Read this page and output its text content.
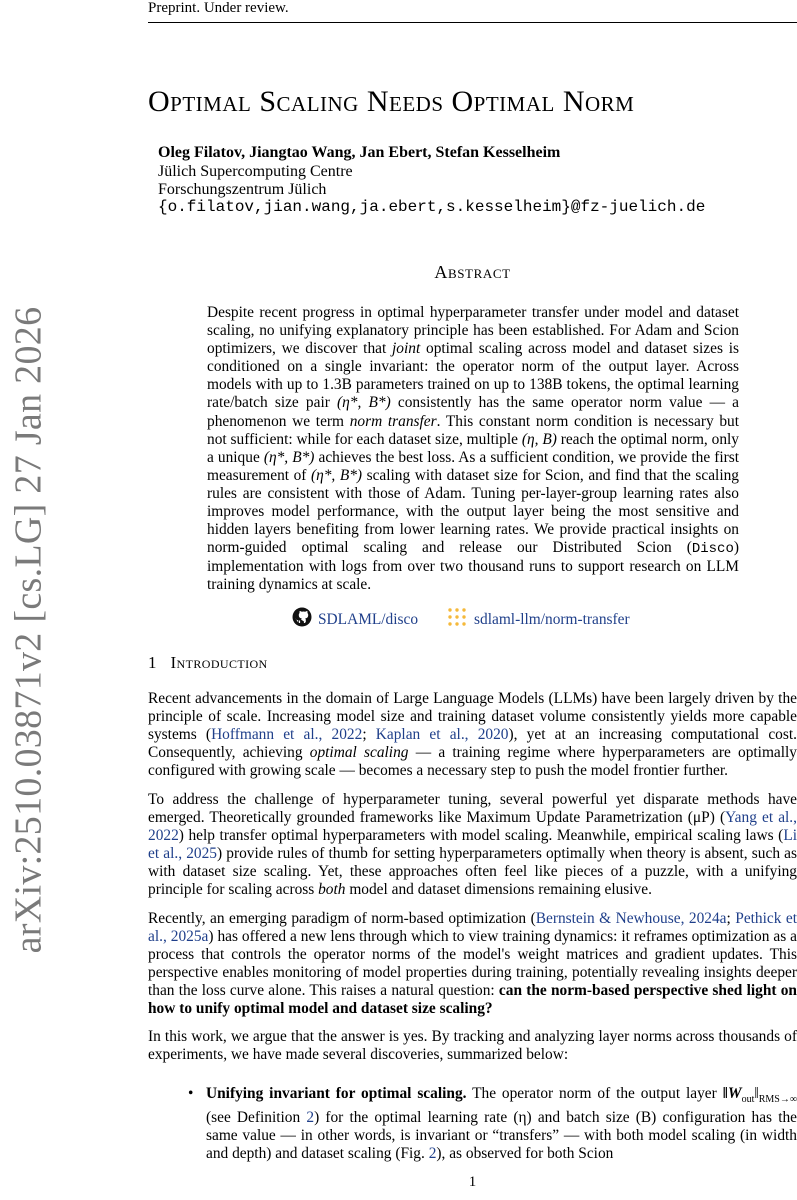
Preprint. Under review.
arXiv:2510.03871v2 [cs.LG] 27 Jan 2026
Optimal Scaling Needs Optimal Norm
Oleg Filatov, Jiangtao Wang, Jan Ebert, Stefan Kesselheim
Jülich Supercomputing Centre
Forschungszentrum Jülich
{o.filatov,jian.wang,ja.ebert,s.kesselheim}@fz-juelich.de
Abstract
Despite recent progress in optimal hyperparameter transfer under model and dataset scaling, no unifying explanatory principle has been established. For Adam and Scion optimizers, we discover that joint optimal scaling across model and dataset sizes is conditioned on a single invariant: the operator norm of the output layer. Across models with up to 1.3B parameters trained on up to 138B tokens, the optimal learning rate/batch size pair (η*, B*) consistently has the same operator norm value — a phenomenon we term norm transfer. This constant norm condition is necessary but not sufficient: while for each dataset size, multiple (η, B) reach the optimal norm, only a unique (η*, B*) achieves the best loss. As a sufficient condition, we provide the first measurement of (η*, B*) scaling with dataset size for Scion, and find that the scaling rules are consistent with those of Adam. Tuning per-layer-group learning rates also improves model performance, with the output layer being the most sensitive and hidden layers benefiting from lower learning rates. We provide practical insights on norm-guided optimal scaling and release our Distributed Scion (Disco) implementation with logs from over two thousand runs to support research on LLM training dynamics at scale.
SDLAML/disco	sdlaml-llm/norm-transfer
1 Introduction
Recent advancements in the domain of Large Language Models (LLMs) have been largely driven by the principle of scale. Increasing model size and training dataset volume consistently yields more capable systems (Hoffmann et al., 2022; Kaplan et al., 2020), yet at an increasing computational cost. Consequently, achieving optimal scaling — a training regime where hyperparameters are optimally configured with growing scale — becomes a necessary step to push the model frontier further.
To address the challenge of hyperparameter tuning, several powerful yet disparate methods have emerged. Theoretically grounded frameworks like Maximum Update Parametrization (μP) (Yang et al., 2022) help transfer optimal hyperparameters with model scaling. Meanwhile, empirical scaling laws (Li et al., 2025) provide rules of thumb for setting hyperparameters optimally when theory is absent, such as with dataset size scaling. Yet, these approaches often feel like pieces of a puzzle, with a unifying principle for scaling across both model and dataset dimensions remaining elusive.
Recently, an emerging paradigm of norm-based optimization (Bernstein & Newhouse, 2024a; Pethick et al., 2025a) has offered a new lens through which to view training dynamics: it reframes optimization as a process that controls the operator norms of the model's weight matrices and gradient updates. This perspective enables monitoring of model properties during training, potentially revealing insights deeper than the loss curve alone. This raises a natural question: can the norm-based perspective shed light on how to unify optimal model and dataset size scaling?
In this work, we argue that the answer is yes. By tracking and analyzing layer norms across thousands of experiments, we have made several discoveries, summarized below:
• Unifying invariant for optimal scaling. The operator norm of the output layer $‖W_{out}‖_{RMS\to\infty}$ (see Definition 2) for the optimal learning rate (η) and batch size (B) configuration has the same value — in other words, is invariant or “transfers” — with both model scaling (in width and depth) and dataset scaling (Fig. 2), as observed for both Scion
1
